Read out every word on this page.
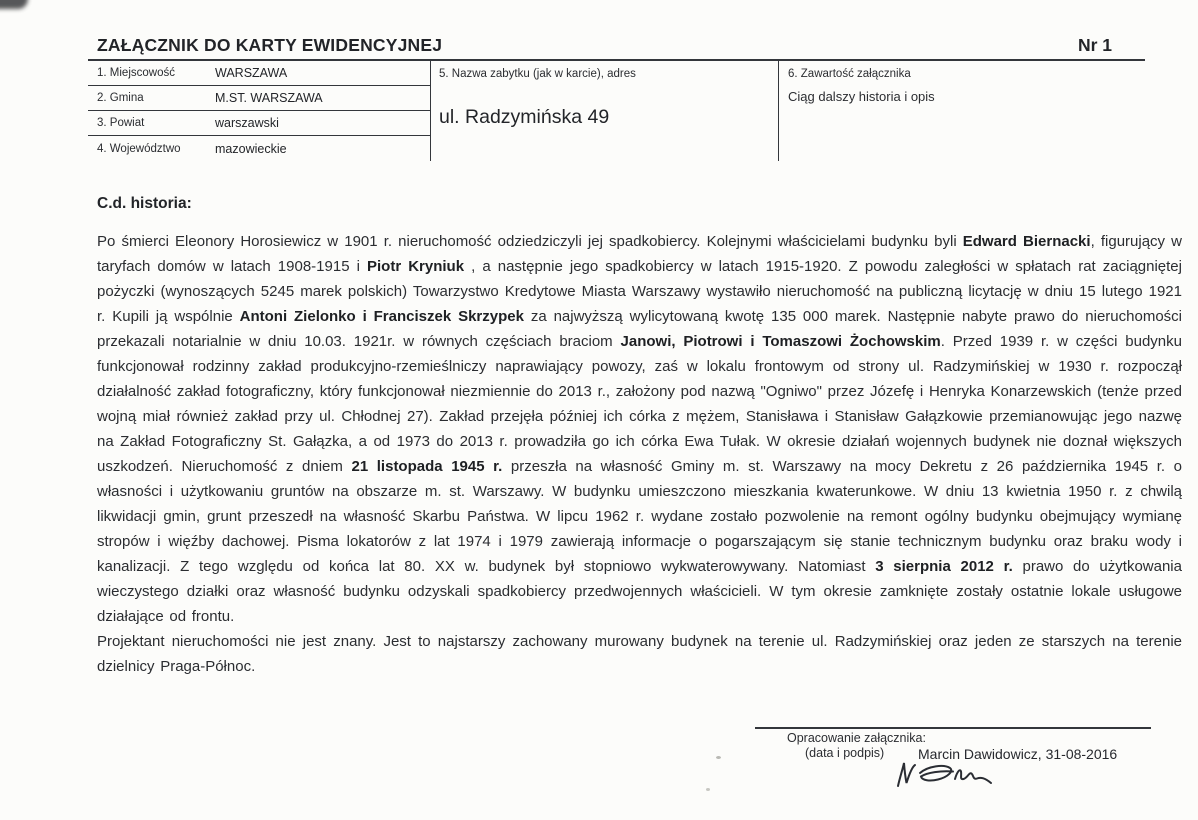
ZAŁĄCZNIK DO KARTY EWIDENCYJNEJ	Nr 1
1. Miejscowość	WARSZAWA
2. Gmina	M.ST. WARSZAWA
3. Powiat	warszawski
4. Województwo	mazowieckie
5. Nazwa zabytku (jak w karcie), adres
ul. Radzymińska 49
6. Zawartość załącznika
Ciąg dalszy historia i opis
C.d. historia:

Po śmierci Eleonory Horosiewicz w 1901 r. nieruchomość odziedziczyli jej spadkobiercy. Kolejnymi właścicielami budynku byli Edward Biernacki, figurujący w taryfach domów w latach 1908-1915 i Piotr Kryniuk , a następnie jego spadkobiercy w latach 1915-1920. Z powodu zaległości w spłatach rat zaciągniętej pożyczki (wynoszących 5245 marek polskich) Towarzystwo Kredytowe Miasta Warszawy wystawiło nieruchomość na publiczną licytację w dniu 15 lutego 1921 r. Kupili ją wspólnie Antoni Zielonko i Franciszek Skrzypek za najwyższą wylicytowaną kwotę 135 000 marek. Następnie nabyte prawo do nieruchomości przekazali notarialnie w dniu 10.03. 1921r. w równych częściach braciom Janowi, Piotrowi i Tomaszowi Żochowskim. Przed 1939 r. w części budynku funkcjonował rodzinny zakład produkcyjno-rzemieślniczy naprawiający powozy, zaś w lokalu frontowym od strony ul. Radzymińskiej w 1930 r. rozpoczął działalność zakład fotograficzny, który funkcjonował niezmiennie do 2013 r., założony pod nazwą "Ogniwo" przez Józefę i Henryka Konarzewskich (tenże przed wojną miał również zakład przy ul. Chłodnej 27). Zakład przejęła później ich córka z mężem, Stanisława i Stanisław Gałązkowie przemianowując jego nazwę na Zakład Fotograficzny St. Gałązka, a od 1973 do 2013 r. prowadziła go ich córka Ewa Tułak. W okresie działań wojennych budynek nie doznał większych uszkodzeń. Nieruchomość z dniem 21 listopada 1945 r. przeszła na własność Gminy m. st. Warszawy na mocy Dekretu z 26 października 1945 r. o własności i użytkowaniu gruntów na obszarze m. st. Warszawy. W budynku umieszczono mieszkania kwaterunkowe. W dniu 13 kwietnia 1950 r. z chwilą likwidacji gmin, grunt przeszedł na własność Skarbu Państwa. W lipcu 1962 r. wydane zostało pozwolenie na remont ogólny budynku obejmujący wymianę stropów i więźby dachowej. Pisma lokatorów z lat 1974 i 1979 zawierają informacje o pogarszającym się stanie technicznym budynku oraz braku wody i kanalizacji. Z tego względu od końca lat 80. XX w. budynek był stopniowo wykwaterowywany. Natomiast 3 sierpnia 2012 r. prawo do użytkowania wieczystego działki oraz własność budynku odzyskali spadkobiercy przedwojennych właścicieli. W tym okresie zamknięte zostały ostatnie lokale usługowe działające od frontu.

Projektant nieruchomości nie jest znany. Jest to najstarszy zachowany murowany budynek na terenie ul. Radzymińskiej oraz jeden ze starszych na terenie dzielnicy Praga-Północ.

Opracowanie załącznika:
(data i podpis) Marcin Dawidowicz, 31-08-2016
